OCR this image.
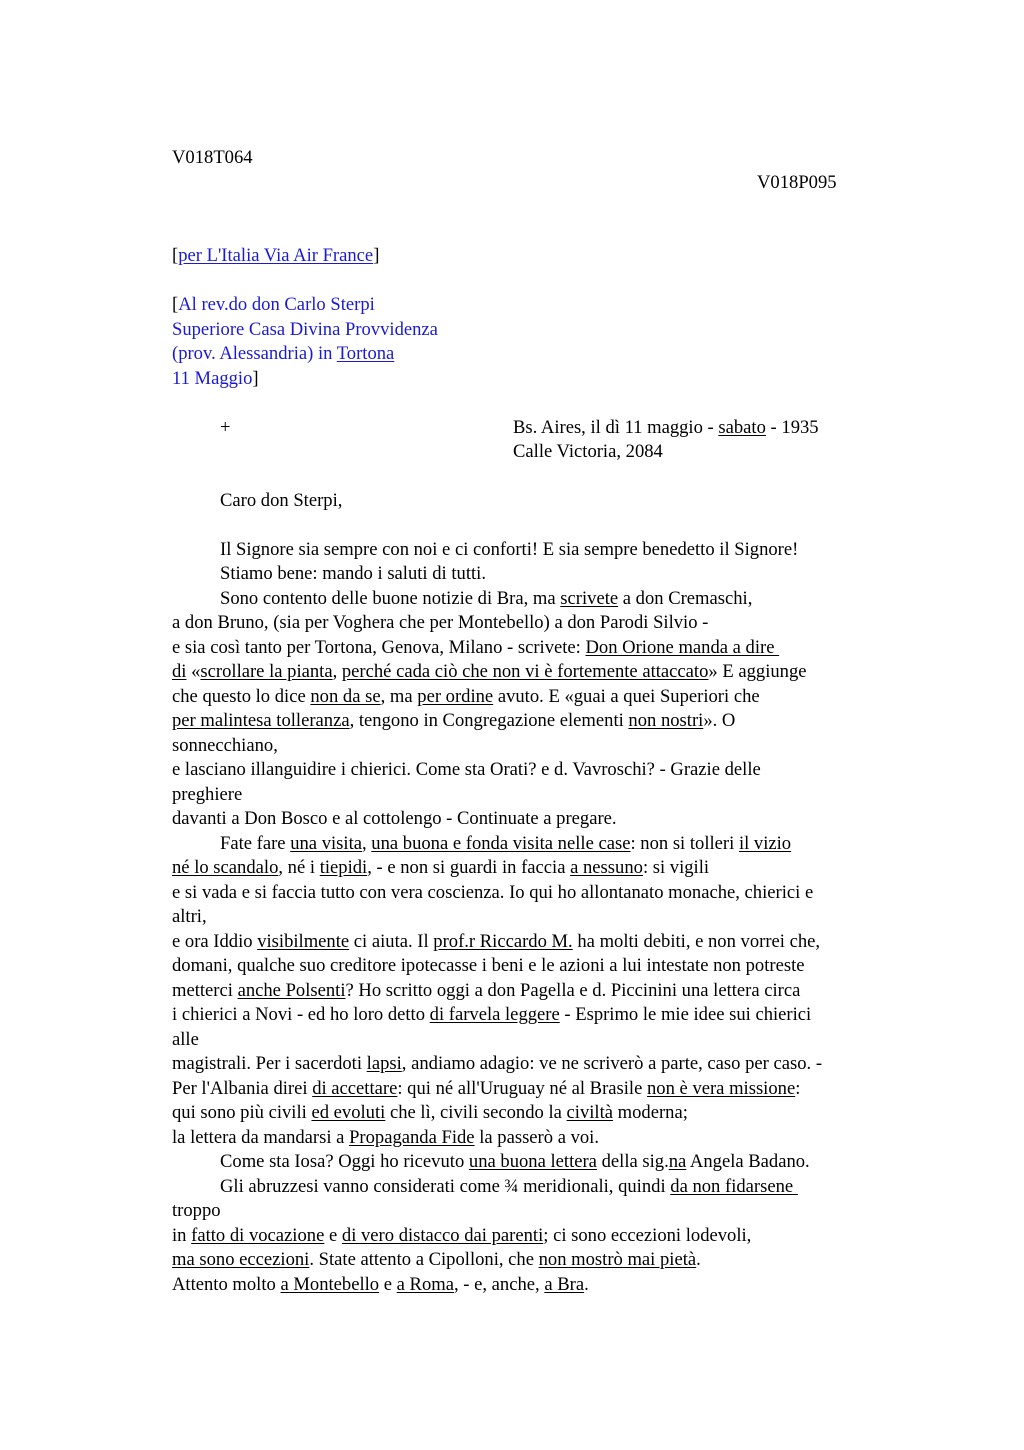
V018T064
V018P095
[per L'Italia Via Air France]
[Al rev.do don Carlo Sterpi
Superiore Casa Divina Provvidenza
(prov. Alessandria) in Tortona
11 Maggio]
+	Bs. Aires, il dì 11 maggio - sabato - 1935
Calle Victoria, 2084
Caro don Sterpi,
Il Signore sia sempre con noi e ci conforti! E sia sempre benedetto il Signore!
Stiamo bene: mando i saluti di tutti.
Sono contento delle buone notizie di Bra, ma scrivete a don Cremaschi,
a don Bruno, (sia per Voghera che per Montebello) a don Parodi Silvio -
e sia così tanto per Tortona, Genova, Milano - scrivete: Don Orione manda a dire
di «scrollare la pianta, perché cada ciò che non vi è fortemente attaccato» E aggiunge
che questo lo dice non da se, ma per ordine avuto. E «guai a quei Superiori che
per malintesa tolleranza, tengono in Congregazione elementi non nostri». O
sonnecchiano,
e lasciano illanguidire i chierici. Come sta Orati? e d. Vavroschi? - Grazie delle
preghiere
davanti a Don Bosco e al cottolengo - Continuate a pregare.
Fate fare una visita, una buona e fonda visita nelle case: non si tolleri il vizio
né lo scandalo, né i tiepidi, - e non si guardi in faccia a nessuno: si vigili
e si vada e si faccia tutto con vera coscienza. Io qui ho allontanato monache, chierici e
altri,
e ora Iddio visibilmente ci aiuta. Il prof.r Riccardo M. ha molti debiti, e non vorrei che,
domani, qualche suo creditore ipotecasse i beni e le azioni a lui intestate non potreste
metterci anche Polsenti? Ho scritto oggi a don Pagella e d. Piccinini una lettera circa
i chierici a Novi - ed ho loro detto di farvela leggere - Esprimo le mie idee sui chierici
alle
magistrali. Per i sacerdoti lapsi, andiamo adagio: ve ne scriverò a parte, caso per caso. -
Per l'Albania direi di accettare: qui né all'Uruguay né al Brasile non è vera missione:
qui sono più civili ed evoluti che lì, civili secondo la civiltà moderna;
la lettera da mandarsi a Propaganda Fide la passerò a voi.
Come sta Iosa? Oggi ho ricevuto una buona lettera della sig.na Angela Badano.
Gli abruzzesi vanno considerati come ¾ meridionali, quindi da non fidarsene
troppo
in fatto di vocazione e di vero distacco dai parenti; ci sono eccezioni lodevoli,
ma sono eccezioni. State attento a Cipolloni, che non mostrò mai pietà.
Attento molto a Montebello e a Roma, - e, anche, a Bra.
